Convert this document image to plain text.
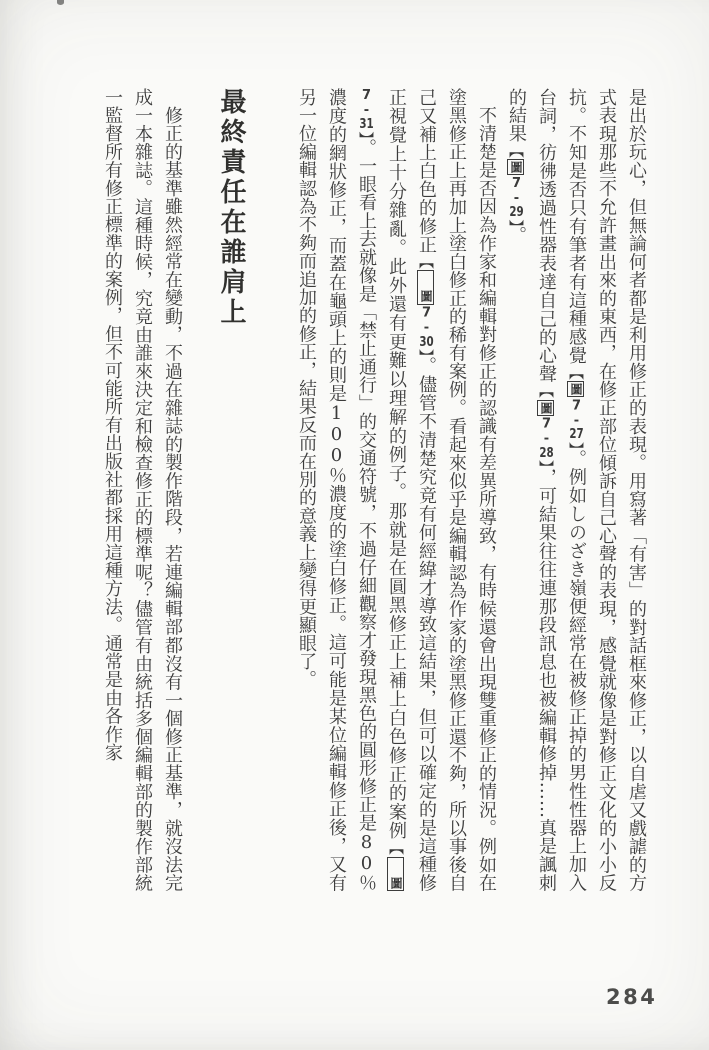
是出於玩心，但無論何者都是利用修正的表現。用寫著「有害」的對話框來修正，以自虐又戲謔的方式表現那些不允許畫出來的東西，在修正部位傾訴自己心聲的表現，感覺就像是對修正文化的小小反抗。不知是否只有筆者有這種感覺【圖7-27】。例如しのざき嶺便經常在被修正掉的男性性器上加入台詞，彷彿透過性器表達自己的心聲【圖7-28】，可結果往往連那段訊息也被編輯修掉……真是諷刺的結果【圖7-29】。

不清楚是否因為作家和編輯對修正的認識有差異所導致，有時候還會出現雙重修正的情況。例如在塗黑修正上再加上塗白修正的稀有案例。看起來似乎是編輯認為作家的塗黑修正還不夠，所以事後自己又補上白色的修正【圖7-30】。儘管不清楚究竟有何經緯才導致這結果，但可以確定的是這種修正視覺上十分雜亂。此外還有更難以理解的例子。那就是在圓黑修正上補上白色修正的案例【圖7-31】。一眼看上去就像是「禁止通行」的交通符號，不過仔細觀察才發現黑色的圓形修正是80％濃度的網狀修正，而蓋在龜頭上的則是100％濃度的塗白修正。這可能是某位編輯修正後，又有另一位編輯認為不夠而追加的修正，結果反而在別的意義上變得更顯眼了。

最終責任在誰肩上

修正的基準雖然經常在變動，不過在雜誌的製作階段，若連編輯部都沒有一個修正基準，就沒法完成一本雜誌。這種時候，究竟由誰來決定和檢查修正的標準呢？儘管有由統括多個編輯部的製作部統一監督所有修正標準的案例，但不可能所有出版社都採用這種方法。通常是由各作家

284
